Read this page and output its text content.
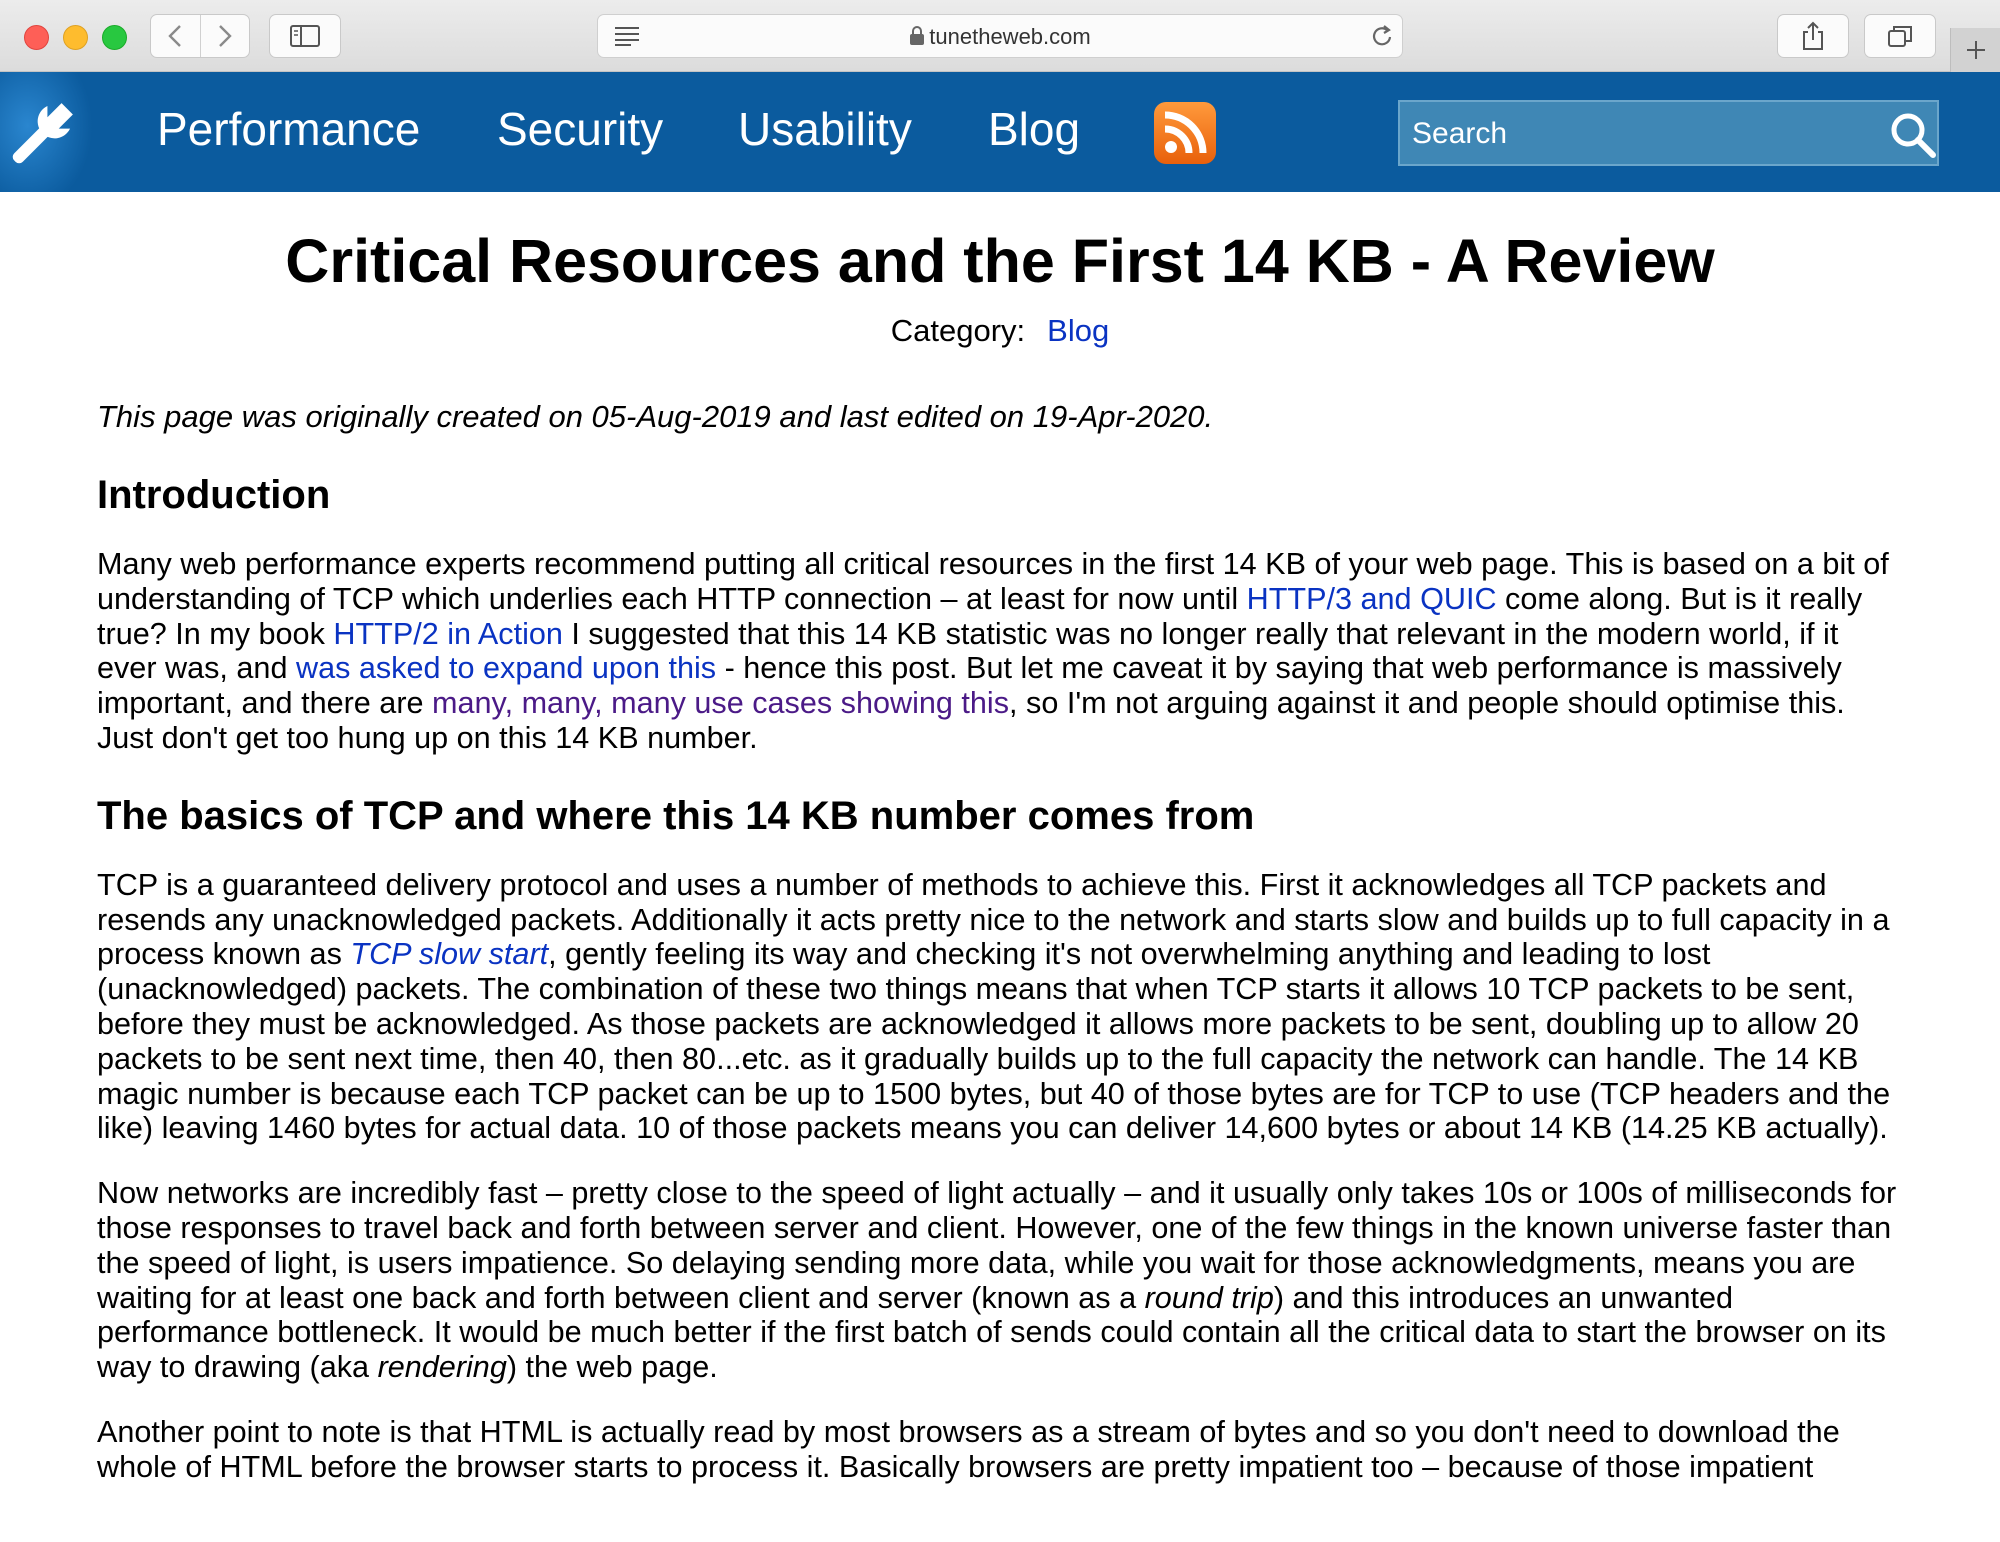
tunetheweb.com
Performance Security Usability Blog
Search
Critical Resources and the First 14 KB - A Review
Category: Blog
This page was originally created on 05-Aug-2019 and last edited on 19-Apr-2020.
Introduction

Many web performance experts recommend putting all critical resources in the first 14 KB of your web page. This is based on a bit of understanding of TCP which underlies each HTTP connection – at least for now until HTTP/3 and QUIC come along. But is it really true? In my book HTTP/2 in Action I suggested that this 14 KB statistic was no longer really that relevant in the modern world, if it ever was, and was asked to expand upon this - hence this post. But let me caveat it by saying that web performance is massively important, and there are many, many, many use cases showing this, so I'm not arguing against it and people should optimise this. Just don't get too hung up on this 14 KB number.

The basics of TCP and where this 14 KB number comes from

TCP is a guaranteed delivery protocol and uses a number of methods to achieve this. First it acknowledges all TCP packets and resends any unacknowledged packets. Additionally it acts pretty nice to the network and starts slow and builds up to full capacity in a process known as TCP slow start, gently feeling its way and checking it's not overwhelming anything and leading to lost (unacknowledged) packets. The combination of these two things means that when TCP starts it allows 10 TCP packets to be sent, before they must be acknowledged. As those packets are acknowledged it allows more packets to be sent, doubling up to allow 20 packets to be sent next time, then 40, then 80...etc. as it gradually builds up to the full capacity the network can handle. The 14 KB magic number is because each TCP packet can be up to 1500 bytes, but 40 of those bytes are for TCP to use (TCP headers and the like) leaving 1460 bytes for actual data. 10 of those packets means you can deliver 14,600 bytes or about 14 KB (14.25 KB actually).

Now networks are incredibly fast – pretty close to the speed of light actually – and it usually only takes 10s or 100s of milliseconds for those responses to travel back and forth between server and client. However, one of the few things in the known universe faster than the speed of light, is users impatience. So delaying sending more data, while you wait for those acknowledgments, means you are waiting for at least one back and forth between client and server (known as a round trip) and this introduces an unwanted performance bottleneck. It would be much better if the first batch of sends could contain all the critical data to start the browser on its way to drawing (aka rendering) the web page.

Another point to note is that HTML is actually read by most browsers as a stream of bytes and so you don't need to download the whole of HTML before the browser starts to process it. Basically browsers are pretty impatient too – because of those impatient
